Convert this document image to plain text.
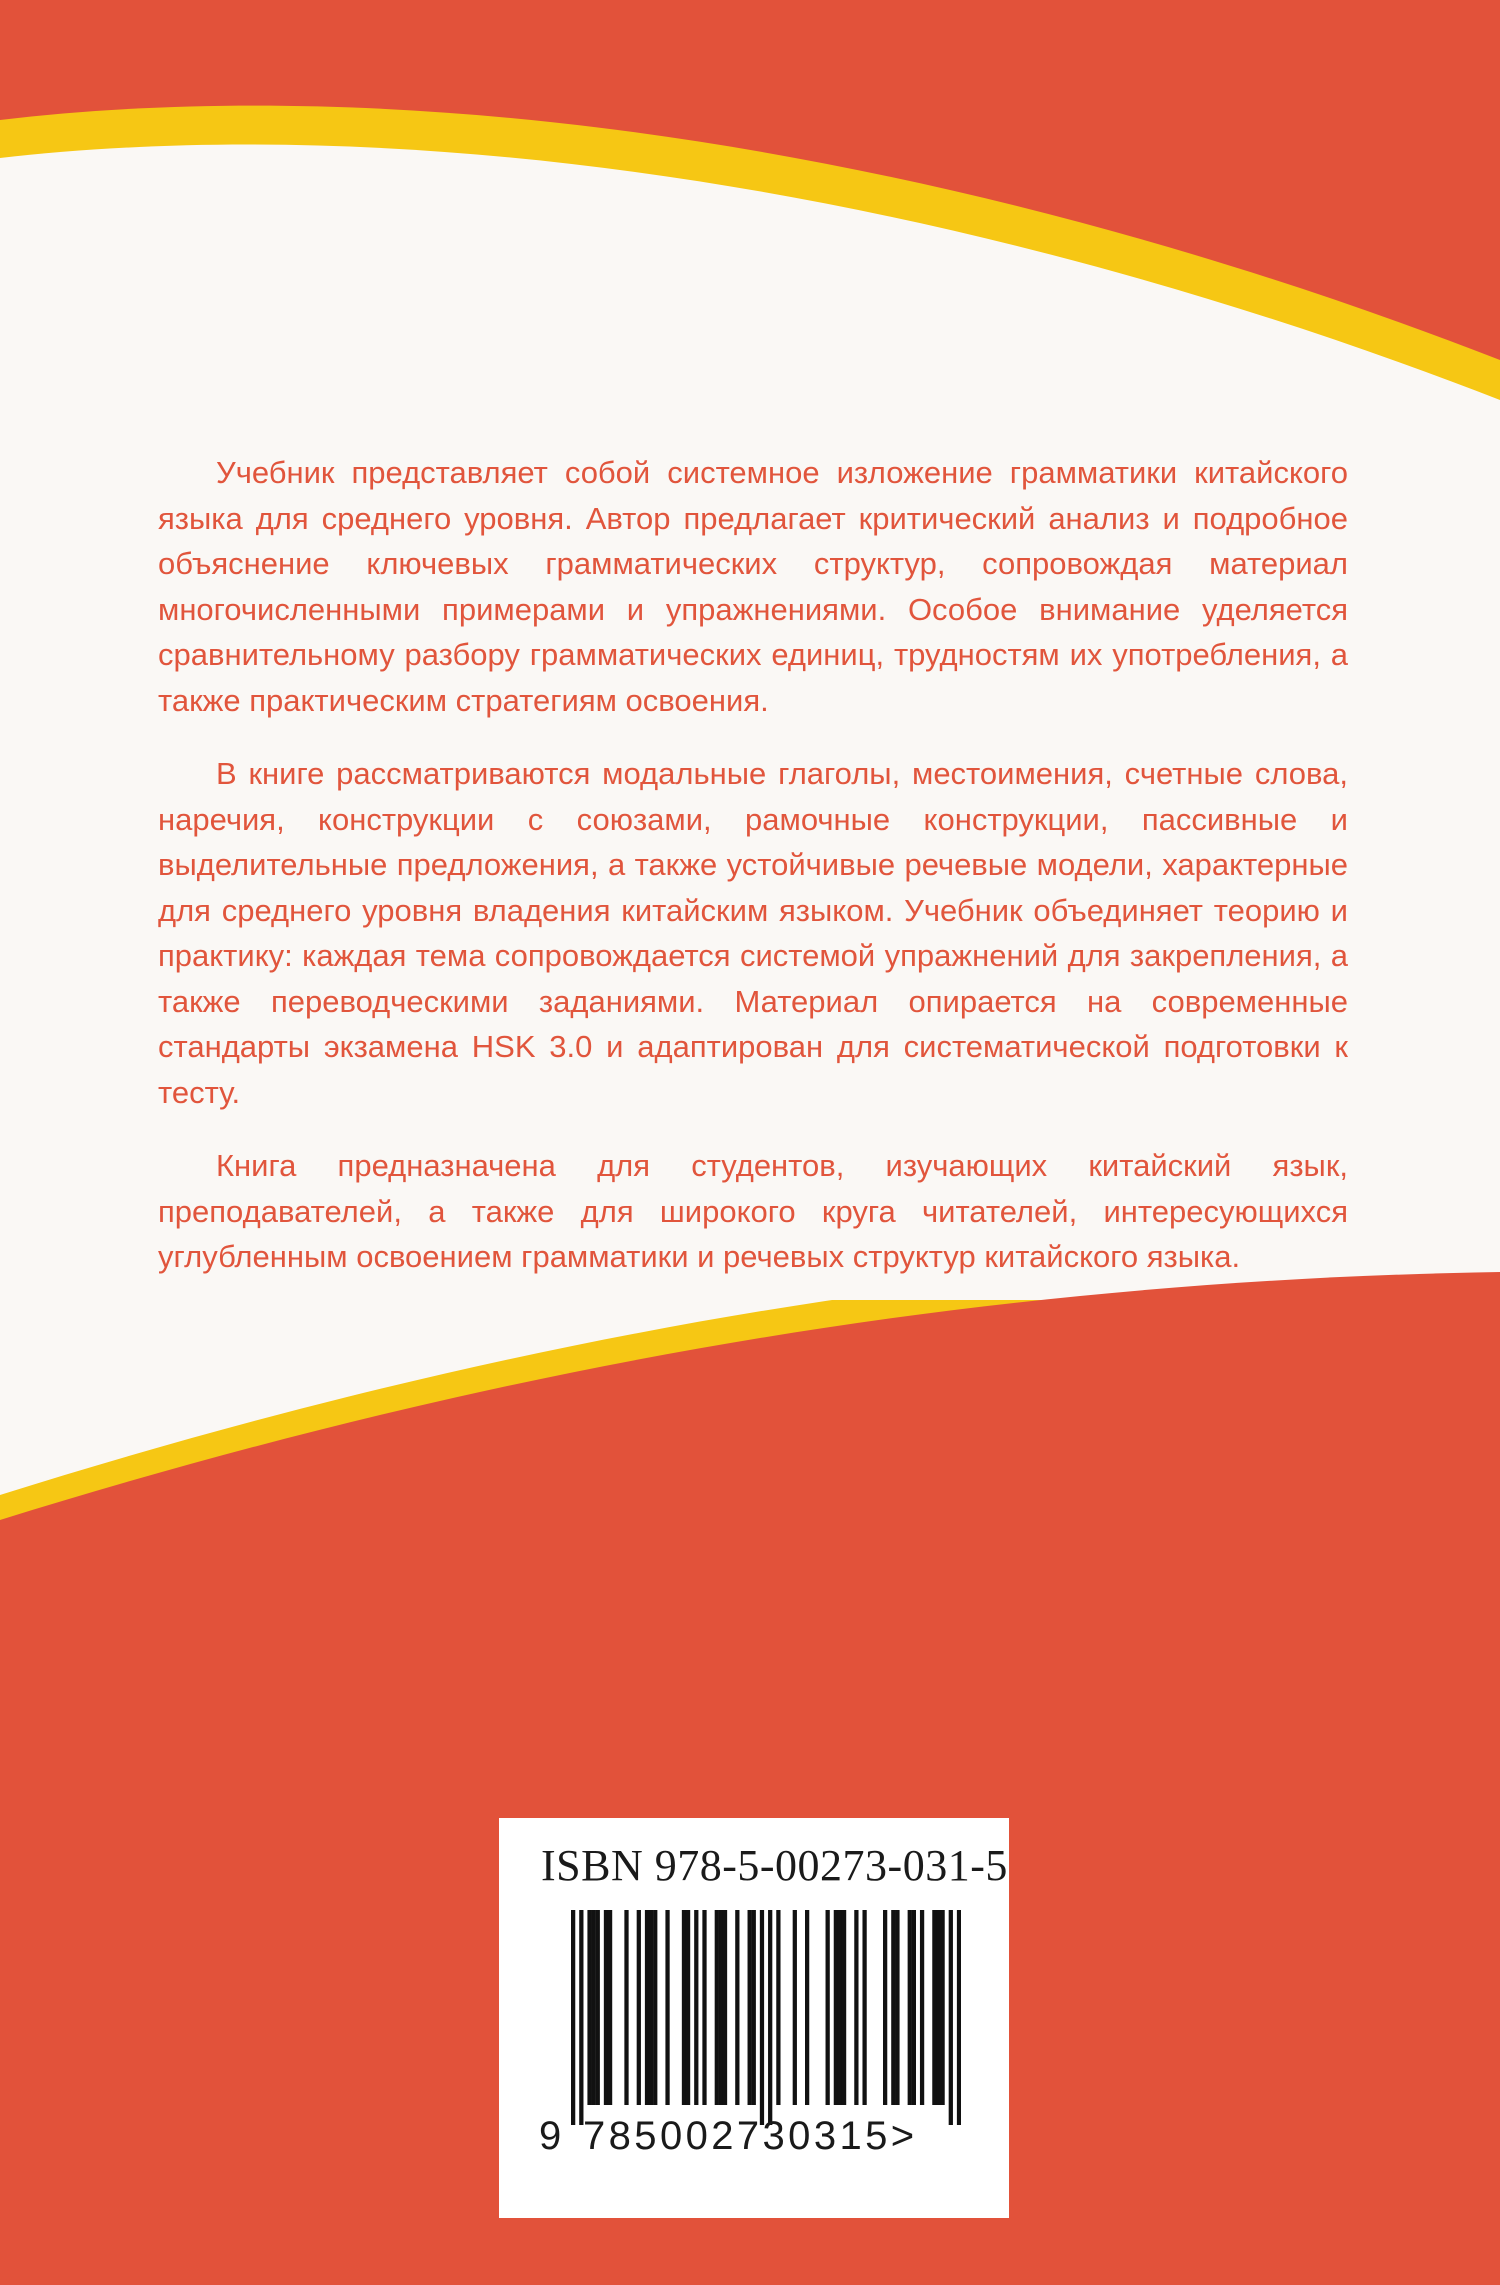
Учебник представляет собой системное изложение грамматики китайского языка для среднего уровня. Автор предлагает критический анализ и подробное объяснение ключевых грамматических структур, сопровождая материал многочисленными примерами и упражнениями. Особое внимание уделяется сравнительному разбору грамматических единиц, трудностям их употребления, а также практическим стратегиям освоения.

В книге рассматриваются модальные глаголы, местоимения, счетные слова, наречия, конструкции с союзами, рамочные конструкции, пассивные и выделительные предложения, а также устойчивые речевые модели, характерные для среднего уровня владения китайским языком. Учебник объединяет теорию и практику: каждая тема сопровождается системой упражнений для закрепления, а также переводческими заданиями. Материал опирается на современные стандарты экзамена HSK 3.0 и адаптирован для систематической подготовки к тесту.

Книга предназначена для студентов, изучающих китайский язык, преподавателей, а также для широкого круга читателей, интересующихся углубленным освоением грамматики и речевых структур китайского языка.

ISBN 978-5-00273-031-5
9 785002730315>
